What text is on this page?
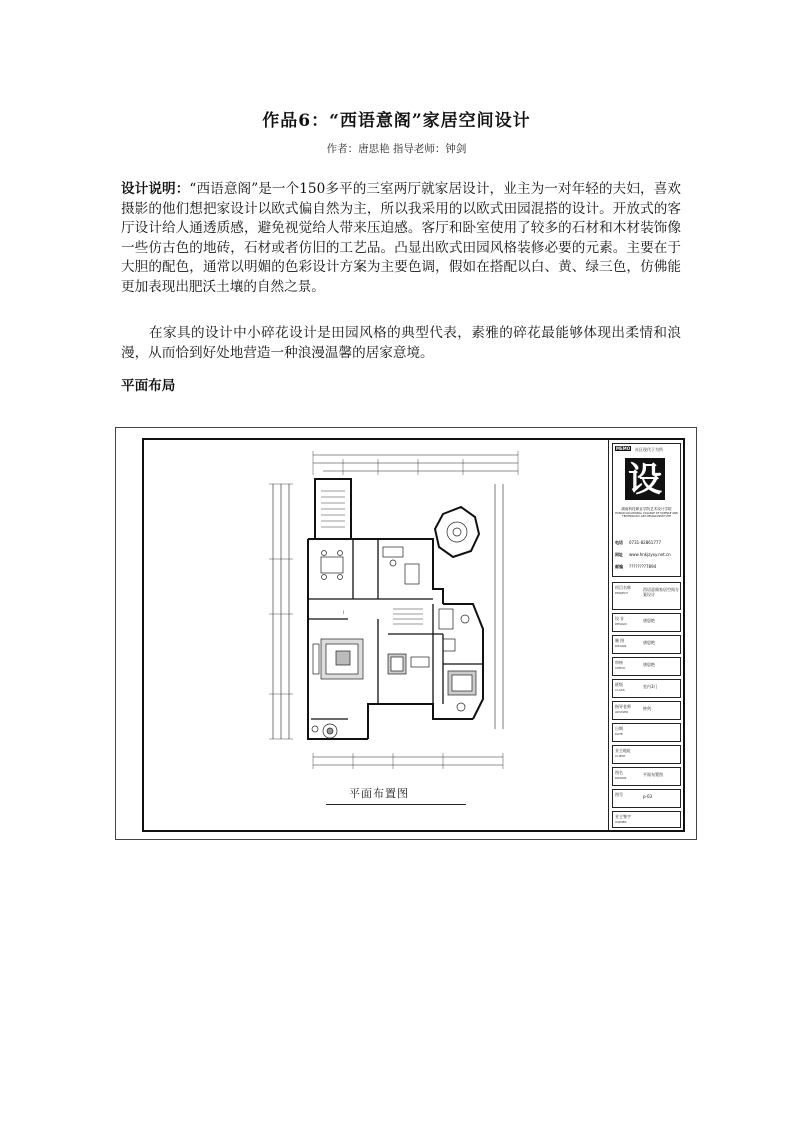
作品6：“西语意阁”家居空间设计
作者：唐思艳 指导老师：钟剑
设计说明：“西语意阁”是一个150多平的三室两厅就家居设计，业主为一对年轻的夫妇，喜欢摄影的他们想把家设计以欧式偏自然为主，所以我采用的以欧式田园混搭的设计。开放式的客厅设计给人通透质感，避免视觉给人带来压迫感。客厅和卧室使用了较多的石材和木材装饰像一些仿古色的地砖，石材或者仿旧的工艺品。凸显出欧式田园风格装修必要的元素。主要在于大胆的配色，通常以明媚的色彩设计方案为主要色调，假如在搭配以白、黄、绿三色，仿佛能更加表现出肥沃土壤的自然之景。
在家具的设计中小碎花设计是田园风格的典型代表，素雅的碎花最能够体现出柔情和浪漫，从而恰到好处地营造一种浪漫温馨的居家意境。
平面布局
I
平面布置图
MEMO 社区现代于为所
设
湖南科技职业学院艺术设计学院
HUNAN VOCATIONAL COLLEGE OF SCIENCE AND TECHNOLOGY ART DESIGN INSTITUTE
电话 0731-82861777
网址 www.hnkjzyxy.net.cn
邮编 ????????7894
项目名称
PROJECT
西语意阁家居空间方案设计
设 计
DESIGN
唐思艳
制 图
DRAWN
唐思艳
审核
CHECK
唐思艳
班级
CLASS
室内3门
指导老师
ADVISER
钟剑
日期
DATE
业主地址
CLIENT
图名
DRAWN
平面布置图
图号	p-03
业主签字
OWNER
